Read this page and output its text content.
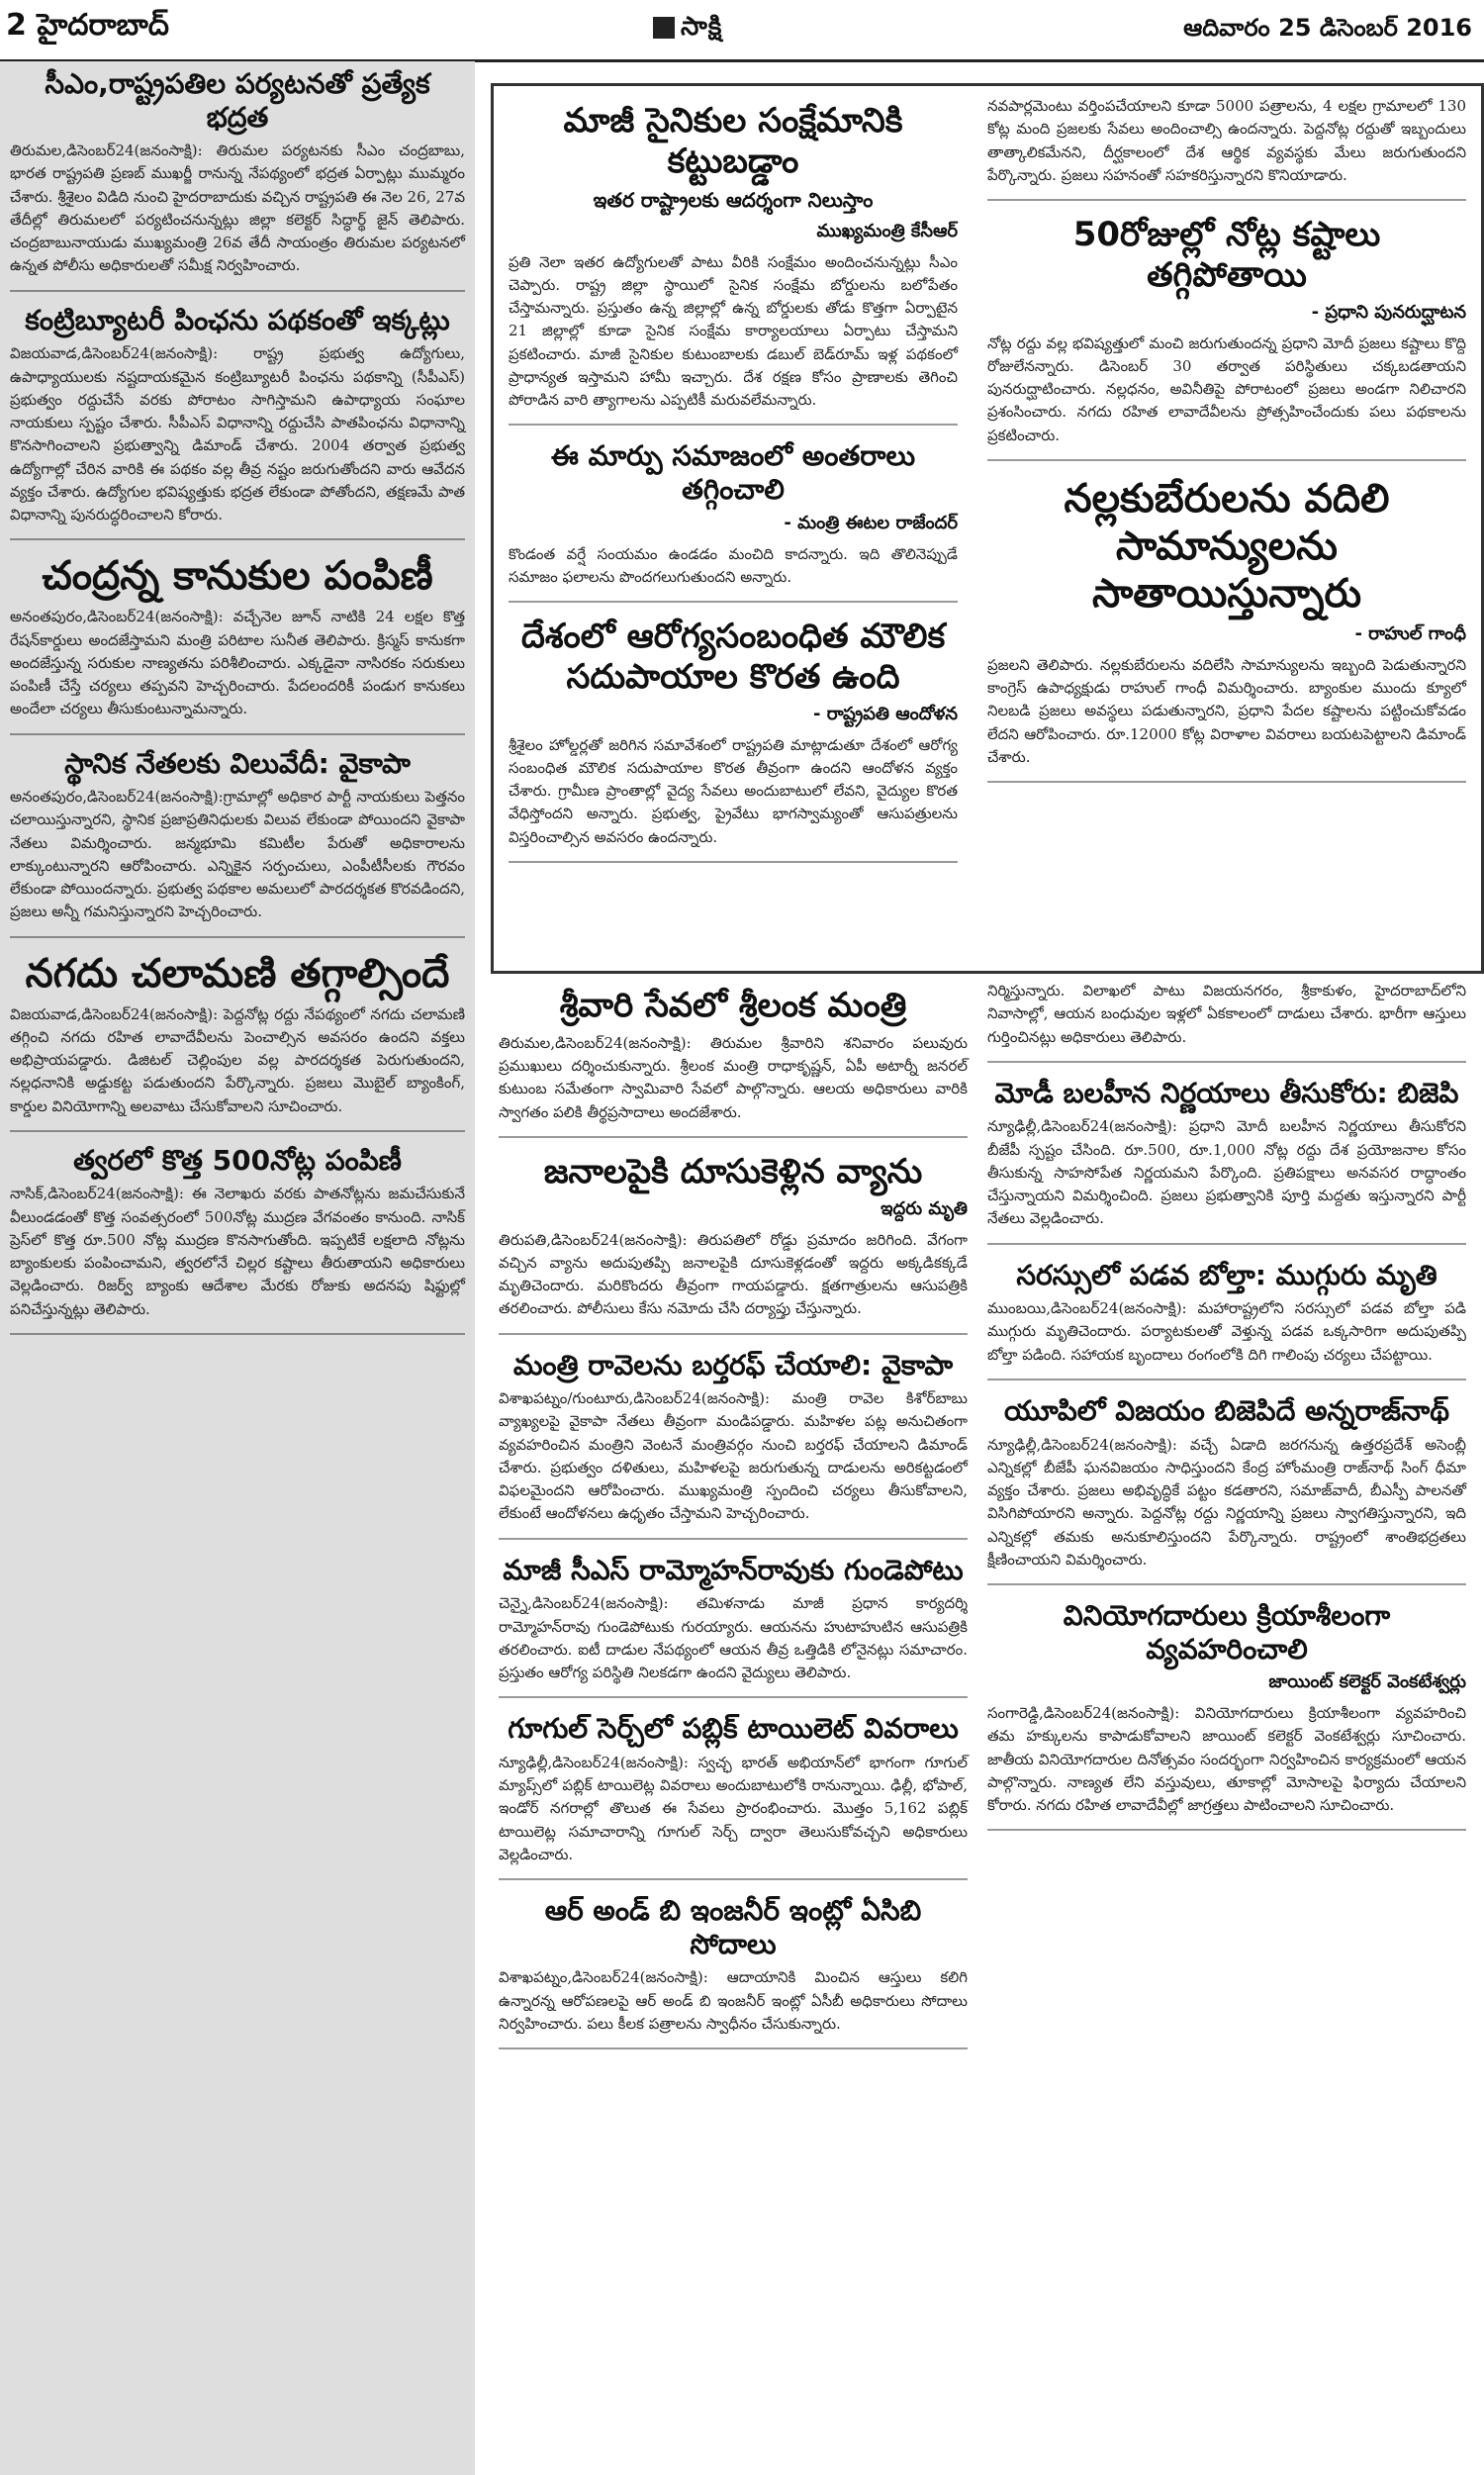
2 హైదరాబాద్	సాక్షి	ఆదివారం 25 డిసెంబర్ 2016
సీఎం,రాష్ట్రపతిల పర్యటనతో ప్రత్యేక భద్రత

తిరుమల,డిసెంబర్24(జనంసాక్షి): తిరుమల పర్యటనకు సీఎం చంద్రబాబు, భారత రాష్ట్రపతి ప్రణబ్ ముఖర్జీ రానున్న నేపథ్యంలో భద్రత ఏర్పాట్లు ముమ్మరం చేశారు. శ్రీశైలం విడిది నుంచి హైదరాబాదుకు వచ్చిన రాష్ట్రపతి ఈ నెల 26, 27వ తేదీల్లో తిరుమలలో పర్యటించనున్నట్లు జిల్లా కలెక్టర్ సిద్ధార్థ్ జైన్ తెలిపారు. చంద్రబాబునాయుడు ముఖ్యమంత్రి 26వ తేదీ సాయంత్రం తిరుమల పర్యటనలో ఉన్నత పోలీసు అధికారులతో సమీక్ష నిర్వహించారు.

కంట్రిబ్యూటరీ పింఛను పథకంతో ఇక్కట్లు

విజయవాడ,డిసెంబర్24(జనంసాక్షి): రాష్ట్ర ప్రభుత్వ ఉద్యోగులు, ఉపాధ్యాయులకు నష్టదాయకమైన కంట్రిబ్యూటరీ పింఛను పథకాన్ని (సీపీఎస్) ప్రభుత్వం రద్దుచేసే వరకు పోరాటం సాగిస్తామని ఉపాధ్యాయ సంఘాల నాయకులు స్పష్టం చేశారు. సీపీఎస్ విధానాన్ని రద్దుచేసి పాతపింఛను విధానాన్ని కొనసాగించాలని ప్రభుత్వాన్ని డిమాండ్ చేశారు. 2004 తర్వాత ప్రభుత్వ ఉద్యోగాల్లో చేరిన వారికి ఈ పథకం వల్ల తీవ్ర నష్టం జరుగుతోందని వారు ఆవేదన వ్యక్తం చేశారు. ఉద్యోగుల భవిష్యత్తుకు భద్రత లేకుండా పోతోందని, తక్షణమే పాత విధానాన్ని పునరుద్ధరించాలని కోరారు.

చంద్రన్న కానుకుల పంపిణీ

అనంతపురం,డిసెంబర్24(జనంసాక్షి): వచ్చేనెల జూన్ నాటికి 24 లక్షల కొత్త రేషన్‌కార్డులు అందజేస్తామని మంత్రి పరిటాల సునీత తెలిపారు. క్రిస్మస్ కానుకగా అందజేస్తున్న సరుకుల నాణ్యతను పరిశీలించారు. ఎక్కడైనా నాసిరకం సరుకులు పంపిణీ చేస్తే చర్యలు తప్పవని హెచ్చరించారు. పేదలందరికీ పండుగ కానుకలు అందేలా చర్యలు తీసుకుంటున్నామన్నారు.

స్థానిక నేతలకు విలువేదీ: వైకాపా

అనంతపురం,డిసెంబర్24(జనంసాక్షి):గ్రామాల్లో అధికార పార్టీ నాయకులు పెత్తనం చలాయిస్తున్నారని, స్థానిక ప్రజాప్రతినిధులకు విలువ లేకుండా పోయిందని వైకాపా నేతలు విమర్శించారు. జన్మభూమి కమిటీల పేరుతో అధికారాలను లాక్కుంటున్నారని ఆరోపించారు. ఎన్నికైన సర్పంచులు, ఎంపీటీసీలకు గౌరవం లేకుండా పోయిందన్నారు. ప్రభుత్వ పథకాల అమలులో పారదర్శకత కొరవడిందని, ప్రజలు అన్నీ గమనిస్తున్నారని హెచ్చరించారు.

నగదు చలామణి తగ్గాల్సిందే

విజయవాడ,డిసెంబర్24(జనంసాక్షి): పెద్దనోట్ల రద్దు నేపథ్యంలో నగదు చలామణి తగ్గించి నగదు రహిత లావాదేవీలను పెంచాల్సిన అవసరం ఉందని వక్తలు అభిప్రాయపడ్డారు. డిజిటల్ చెల్లింపుల వల్ల పారదర్శకత పెరుగుతుందని, నల్లధనానికి అడ్డుకట్ట పడుతుందని పేర్కొన్నారు. ప్రజలు మొబైల్ బ్యాంకింగ్, కార్డుల వినియోగాన్ని అలవాటు చేసుకోవాలని సూచించారు.

త్వరలో కొత్త 500నోట్ల పంపిణీ

నాసిక్,డిసెంబర్24(జనంసాక్షి): ఈ నెలాఖరు వరకు పాతనోట్లను జమచేసుకునే వీలుండడంతో కొత్త సంవత్సరంలో 500నోట్ల ముద్రణ వేగవంతం కానుంది. నాసిక్ ప్రెస్‌లో కొత్త రూ.500 నోట్ల ముద్రణ కొనసాగుతోంది. ఇప్పటికే లక్షలాది నోట్లను బ్యాంకులకు పంపించామని, త్వరలోనే చిల్లర కష్టాలు తీరుతాయని అధికారులు వెల్లడించారు. రిజర్వ్ బ్యాంకు ఆదేశాల మేరకు రోజుకు అదనపు షిఫ్టుల్లో పనిచేస్తున్నట్లు తెలిపారు.

మాజీ సైనికుల సంక్షేమానికి కట్టుబడ్డాం
ఇతర రాష్ట్రాలకు ఆదర్శంగా నిలుస్తాం
ముఖ్యమంత్రి కేసీఆర్

ప్రతి నెలా ఇతర ఉద్యోగులతో పాటు వీరికి సంక్షేమం అందించనున్నట్లు సీఎం చెప్పారు. రాష్ట్ర జిల్లా స్థాయిలో సైనిక సంక్షేమ బోర్డులను బలోపేతం చేస్తామన్నారు. ప్రస్తుతం ఉన్న జిల్లాల్లో ఉన్న బోర్డులకు తోడు కొత్తగా ఏర్పాటైన 21 జిల్లాల్లో కూడా సైనిక సంక్షేమ కార్యాలయాలు ఏర్పాటు చేస్తామని ప్రకటించారు. మాజీ సైనికుల కుటుంబాలకు డబుల్ బెడ్‌రూమ్ ఇళ్ల పథకంలో ప్రాధాన్యత ఇస్తామని హామీ ఇచ్చారు. దేశ రక్షణ కోసం ప్రాణాలకు తెగించి పోరాడిన వారి త్యాగాలను ఎప్పటికీ మరువలేమన్నారు.

ఈ మార్పు సమాజంలో అంతరాలు తగ్గించాలి
- మంత్రి ఈటల రాజేందర్

కొండంత వర్షే సంయమం ఉండడం మంచిది కాదన్నారు. ఇది తొలినెప్పుడే సమాజం ఫలాలను పొందగలుగుతుందని అన్నారు.

దేశంలో ఆరోగ్యసంబంధిత మౌలిక సదుపాయాల కొరత ఉంది
- రాష్ట్రపతి ఆందోళన

శ్రీశైలం హోల్డర్లతో జరిగిన సమావేశంలో రాష్ట్రపతి మాట్లాడుతూ దేశంలో ఆరోగ్య సంబంధిత మౌలిక సదుపాయాల కొరత తీవ్రంగా ఉందని ఆందోళన వ్యక్తం చేశారు. గ్రామీణ ప్రాంతాల్లో వైద్య సేవలు అందుబాటులో లేవని, వైద్యుల కొరత వేధిస్తోందని అన్నారు. ప్రభుత్వ, ప్రైవేటు భాగస్వామ్యంతో ఆసుపత్రులను విస్తరించాల్సిన అవసరం ఉందన్నారు.

నవపార్లమెంటు వర్తింపచేయాలని కూడా 5000 పత్రాలను, 4 లక్షల గ్రామాలలో 130 కోట్ల మంది ప్రజలకు సేవలు అందించాల్సి ఉందన్నారు. పెద్దనోట్ల రద్దుతో ఇబ్బందులు తాత్కాలికమేనని, దీర్ఘకాలంలో దేశ ఆర్థిక వ్యవస్థకు మేలు జరుగుతుందని పేర్కొన్నారు. ప్రజలు సహనంతో సహకరిస్తున్నారని కొనియాడారు.

50రోజుల్లో నోట్ల కష్టాలు తగ్గిపోతాయి
- ప్రధాని పునరుద్ఘాటన

నోట్ల రద్దు వల్ల భవిష్యత్తులో మంచి జరుగుతుందన్న ప్రధాని మోదీ ప్రజలు కష్టాలు కొద్ది రోజులేనన్నారు. డిసెంబర్ 30 తర్వాత పరిస్థితులు చక్కబడతాయని పునరుద్ఘాటించారు. నల్లధనం, అవినీతిపై పోరాటంలో ప్రజలు అండగా నిలిచారని ప్రశంసించారు. నగదు రహిత లావాదేవీలను ప్రోత్సహించేందుకు పలు పథకాలను ప్రకటించారు.

నల్లకుబేరులను వదిలి సామాన్యులను సాతాయిస్తున్నారు
- రాహుల్ గాంధీ

ప్రజలని తెలిపారు. నల్లకుబేరులను వదిలేసి సామాన్యులను ఇబ్బంది పెడుతున్నారని కాంగ్రెస్ ఉపాధ్యక్షుడు రాహుల్ గాంధీ విమర్శించారు. బ్యాంకుల ముందు క్యూలో నిలబడి ప్రజలు అవస్థలు పడుతున్నారని, ప్రధాని పేదల కష్టాలను పట్టించుకోవడం లేదని ఆరోపించారు. రూ.12000 కోట్ల విరాళాల వివరాలు బయటపెట్టాలని డిమాండ్ చేశారు.

శ్రీవారి సేవలో శ్రీలంక మంత్రి

తిరుమల,డిసెంబర్24(జనంసాక్షి): తిరుమల శ్రీవారిని శనివారం పలువురు ప్రముఖులు దర్శించుకున్నారు. శ్రీలంక మంత్రి రాధాకృష్ణన్, ఏపీ అటార్నీ జనరల్ కుటుంబ సమేతంగా స్వామివారి సేవలో పాల్గొన్నారు. ఆలయ అధికారులు వారికి స్వాగతం పలికి తీర్థప్రసాదాలు అందజేశారు.

జనాలపైకి దూసుకెళ్లిన వ్యాను
ఇద్దరు మృతి

తిరుపతి,డిసెంబర్24(జనంసాక్షి): తిరుపతిలో రోడ్డు ప్రమాదం జరిగింది. వేగంగా వచ్చిన వ్యాను అదుపుతప్పి జనాలపైకి దూసుకెళ్లడంతో ఇద్దరు అక్కడికక్కడే మృతిచెందారు. మరికొందరు తీవ్రంగా గాయపడ్డారు. క్షతగాత్రులను ఆసుపత్రికి తరలించారు. పోలీసులు కేసు నమోదు చేసి దర్యాప్తు చేస్తున్నారు.

మంత్రి రావెలను బర్తరఫ్ చేయాలి: వైకాపా

విశాఖపట్నం/గుంటూరు,డిసెంబర్24(జనంసాక్షి): మంత్రి రావెల కిశోర్‌బాబు వ్యాఖ్యలపై వైకాపా నేతలు తీవ్రంగా మండిపడ్డారు. మహిళల పట్ల అనుచితంగా వ్యవహరించిన మంత్రిని వెంటనే మంత్రివర్గం నుంచి బర్తరఫ్ చేయాలని డిమాండ్ చేశారు. ప్రభుత్వం దళితులు, మహిళలపై జరుగుతున్న దాడులను అరికట్టడంలో విఫలమైందని ఆరోపించారు. ముఖ్యమంత్రి స్పందించి చర్యలు తీసుకోవాలని, లేకుంటే ఆందోళనలు ఉధృతం చేస్తామని హెచ్చరించారు.

మాజీ సీఎస్ రామ్మోహన్‌రావుకు గుండెపోటు

చెన్నై,డిసెంబర్24(జనంసాక్షి): తమిళనాడు మాజీ ప్రధాన కార్యదర్శి రామ్మోహన్‌రావు గుండెపోటుకు గురయ్యారు. ఆయనను హుటాహుటిన ఆసుపత్రికి తరలించారు. ఐటీ దాడుల నేపథ్యంలో ఆయన తీవ్ర ఒత్తిడికి లోనైనట్లు సమాచారం. ప్రస్తుతం ఆరోగ్య పరిస్థితి నిలకడగా ఉందని వైద్యులు తెలిపారు.

గూగుల్ సెర్చ్‌లో పబ్లిక్ టాయిలెట్ వివరాలు

న్యూఢిల్లీ,డిసెంబర్24(జనంసాక్షి): స్వచ్ఛ భారత్ అభియాన్‌లో భాగంగా గూగుల్ మ్యాప్స్‌లో పబ్లిక్ టాయిలెట్ల వివరాలు అందుబాటులోకి రానున్నాయి. ఢిల్లీ, భోపాల్, ఇండోర్ నగరాల్లో తొలుత ఈ సేవలు ప్రారంభించారు. మొత్తం 5,162 పబ్లిక్ టాయిలెట్ల సమాచారాన్ని గూగుల్ సెర్చ్ ద్వారా తెలుసుకోవచ్చని అధికారులు వెల్లడించారు.

ఆర్ అండ్ బి ఇంజనీర్ ఇంట్లో ఏసిబి సోదాలు

విశాఖపట్నం,డిసెంబర్24(జనంసాక్షి): ఆదాయానికి మించిన ఆస్తులు కలిగి ఉన్నారన్న ఆరోపణలపై ఆర్ అండ్ బి ఇంజనీర్ ఇంట్లో ఏసీబీ అధికారులు సోదాలు నిర్వహించారు. పలు కీలక పత్రాలను స్వాధీనం చేసుకున్నారు.

నిర్మిస్తున్నారు. విలాఖలో పాటు విజయనగరం, శ్రీకాకుళం, హైదరాబాద్‌లోని నివాసాల్లో, ఆయన బంధువుల ఇళ్లలో ఏకకాలంలో దాడులు చేశారు. భారీగా ఆస్తులు గుర్తించినట్లు అధికారులు తెలిపారు.

మోడీ బలహీన నిర్ణయాలు తీసుకోరు: బిజెపి

న్యూఢిల్లీ,డిసెంబర్24(జనంసాక్షి): ప్రధాని మోదీ బలహీన నిర్ణయాలు తీసుకోరని బీజేపీ స్పష్టం చేసింది. రూ.500, రూ.1,000 నోట్ల రద్దు దేశ ప్రయోజనాల కోసం తీసుకున్న సాహసోపేత నిర్ణయమని పేర్కొంది. ప్రతిపక్షాలు అనవసర రాద్ధాంతం చేస్తున్నాయని విమర్శించింది. ప్రజలు ప్రభుత్వానికి పూర్తి మద్దతు ఇస్తున్నారని పార్టీ నేతలు వెల్లడించారు.

సరస్సులో పడవ బోల్తా: ముగ్గురు మృతి

ముంబయి,డిసెంబర్24(జనంసాక్షి): మహారాష్ట్రలోని సరస్సులో పడవ బోల్తా పడి ముగ్గురు మృతిచెందారు. పర్యాటకులతో వెళ్తున్న పడవ ఒక్కసారిగా అదుపుతప్పి బోల్తా పడింది. సహాయక బృందాలు రంగంలోకి దిగి గాలింపు చర్యలు చేపట్టాయి.

యూపిలో విజయం బిజెపిదే అన్నరాజ్‌నాథ్

న్యూఢిల్లీ,డిసెంబర్24(జనంసాక్షి): వచ్చే ఏడాది జరగనున్న ఉత్తరప్రదేశ్ అసెంబ్లీ ఎన్నికల్లో బీజేపీ ఘనవిజయం సాధిస్తుందని కేంద్ర హోంమంత్రి రాజ్‌నాథ్ సింగ్ ధీమా వ్యక్తం చేశారు. ప్రజలు అభివృద్ధికే పట్టం కడతారని, సమాజ్‌వాదీ, బీఎస్పీ పాలనతో విసిగిపోయారని అన్నారు. పెద్దనోట్ల రద్దు నిర్ణయాన్ని ప్రజలు స్వాగతిస్తున్నారని, ఇది ఎన్నికల్లో తమకు అనుకూలిస్తుందని పేర్కొన్నారు. రాష్ట్రంలో శాంతిభద్రతలు క్షీణించాయని విమర్శించారు.

వినియోగదారులు క్రియాశీలంగా వ్యవహరించాలి
జాయింట్ కలెక్టర్ వెంకటేశ్వర్లు

సంగారెడ్డి,డిసెంబర్24(జనంసాక్షి): వినియోగదారులు క్రియాశీలంగా వ్యవహరించి తమ హక్కులను కాపాడుకోవాలని జాయింట్ కలెక్టర్ వెంకటేశ్వర్లు సూచించారు. జాతీయ వినియోగదారుల దినోత్సవం సందర్భంగా నిర్వహించిన కార్యక్రమంలో ఆయన పాల్గొన్నారు. నాణ్యత లేని వస్తువులు, తూకాల్లో మోసాలపై ఫిర్యాదు చేయాలని కోరారు. నగదు రహిత లావాదేవీల్లో జాగ్రత్తలు పాటించాలని సూచించారు.
